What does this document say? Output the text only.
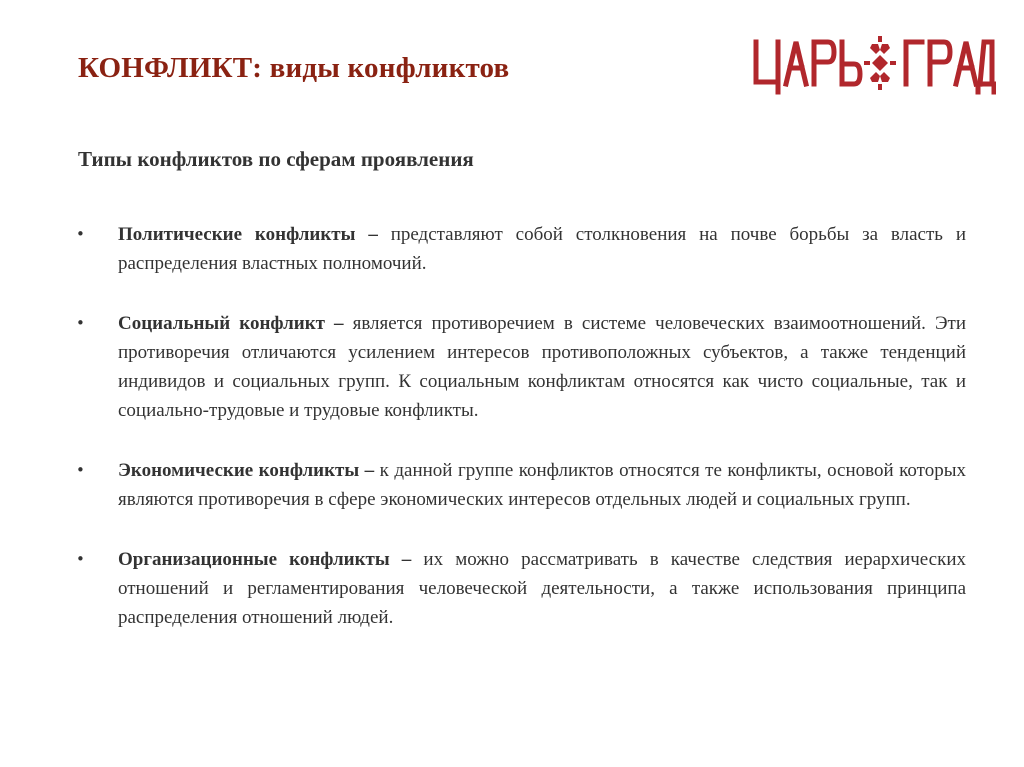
КОНФЛИКТ: виды конфликтов
Типы конфликтов по сферам проявления
• Политические конфликты – представляют собой столкновения на почве борьбы за власть и распределения властных полномочий.
• Социальный конфликт – является противоречием в системе человеческих взаимоотношений. Эти противоречия отличаются усилением интересов противоположных субъектов, а также тенденций индивидов и социальных групп. К социальным конфликтам относятся как чисто социальные, так и социально-трудовые и трудовые конфликты.
• Экономические конфликты – к данной группе конфликтов относятся те конфликты, основой которых являются противоречия в сфере экономических интересов отдельных людей и социальных групп.
• Организационные конфликты – их можно рассматривать в качестве следствия иерархических отношений и регламентирования человеческой деятельности, а также использования принципа распределения отношений людей.
